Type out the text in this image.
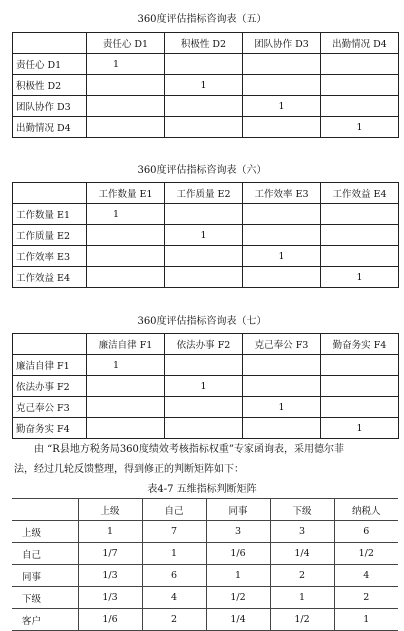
360度评估指标咨询表（五）
	责任心 D1	积极性 D2	团队协作 D3	出勤情况 D4
责任心 D1	1			
积极性 D2		1		
团队协作 D3			1	
出勤情况 D4				1
360度评估指标咨询表（六）
	工作数量 E1	工作质量 E2	工作效率 E3	工作效益 E4
工作数量 E1	1			
工作质量 E2		1		
工作效率 E3			1	
工作效益 E4				1
360度评估指标咨询表（七）
	廉洁自律 F1	依法办事 F2	克己奉公 F3	勤奋务实 F4
廉洁自律 F1	1			
依法办事 F2		1		
克己奉公 F3			1	
勤奋务实 F4				1

由 “R县地方税务局360度绩效考核指标权重”专家函询表，采用德尔菲
法，经过几轮反馈整理，得到修正的判断矩阵如下：

表4-7 五维指标判断矩阵
	上级	自己	同事	下级	纳税人
上级	1	7	3	3	6
自己	1/7	1	1/6	1/4	1/2
同事	1/3	6	1	2	4
下级	1/3	4	1/2	1	2
客户	1/6	2	1/4	1/2	1
